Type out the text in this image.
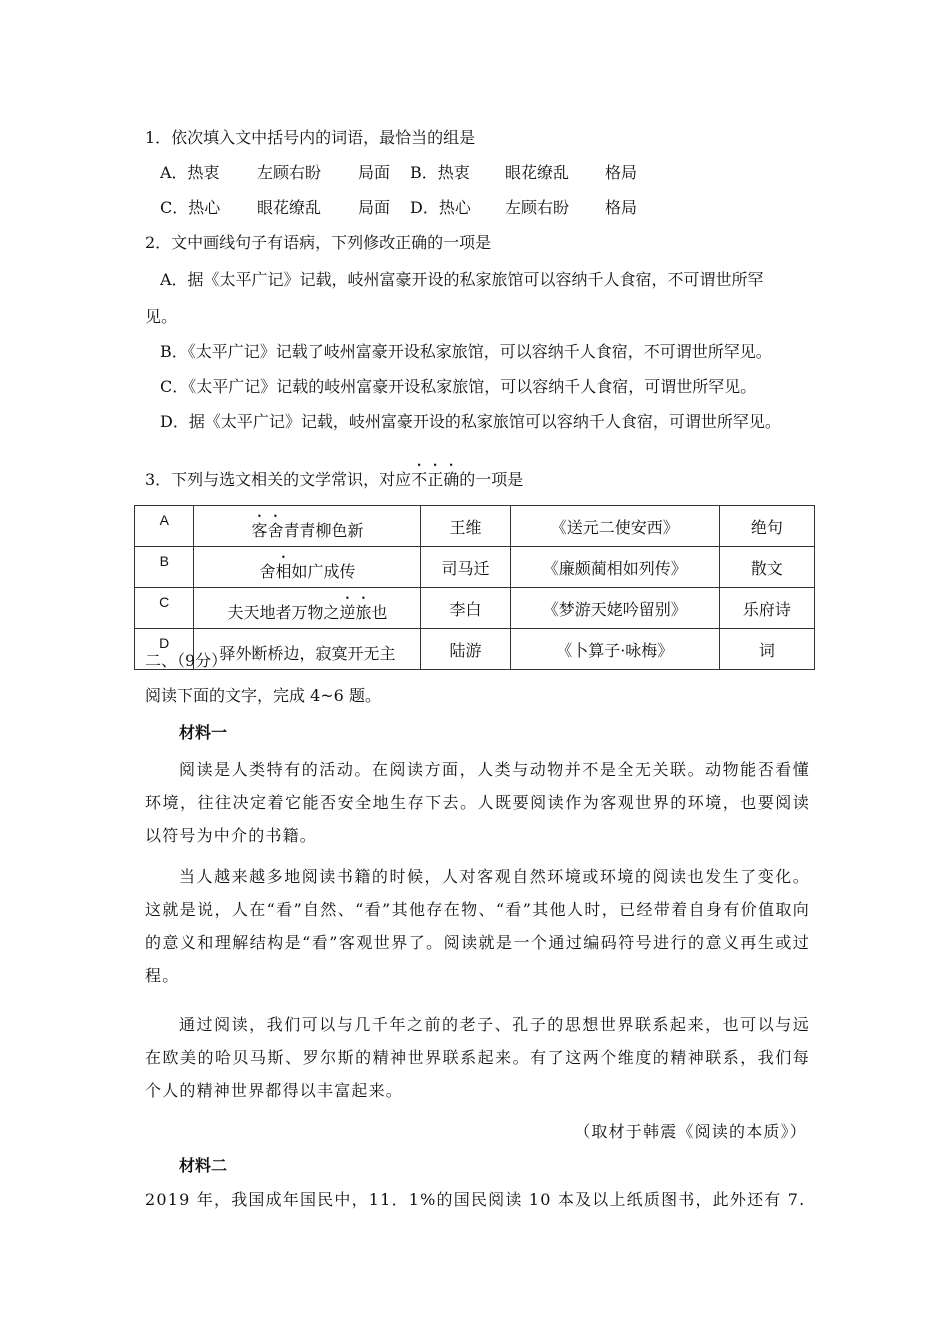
1．依次填入文中括号内的词语，最恰当的组是
A．热衷 左顾右盼 局面 B．热衷 眼花缭乱 格局
C．热心 眼花缭乱 局面 D．热心 左顾右盼 格局
2．文中画线句子有语病，下列修改正确的一项是
A．据《太平广记》记载，岐州富豪开设的私家旅馆可以容纳千人食宿，不可谓世所罕
见。
B．《太平广记》记载了岐州富豪开设私家旅馆，可以容纳千人食宿，不可谓世所罕见。
C．《太平广记》记载的岐州富豪开设私家旅馆，可以容纳千人食宿，可谓世所罕见。
D．据《太平广记》记载，岐州富豪开设的私家旅馆可以容纳千人食宿，可谓世所罕见。
3．下列与选文相关的文学常识，对应不正确的一项是
A	客舍青青柳色新	王维	《送元二使安西》	绝句
B	舍相如广成传	司马迁	《廉颇蔺相如列传》	散文
C	夫天地者万物之逆旅也	李白	《梦游天姥吟留别》	乐府诗
D	驿外断桥边，寂寞开无主	陆游	《卜算子·咏梅》	词
二、（9分）
阅读下面的文字，完成 4~6 题。
材料一
阅读是人类特有的活动。在阅读方面，人类与动物并不是全无关联。动物能否看懂环境，往往决定着它能否安全地生存下去。人既要阅读作为客观世界的环境，也要阅读以符号为中介的书籍。
当人越来越多地阅读书籍的时候，人对客观自然环境或环境的阅读也发生了变化。这就是说，人在“看”自然、“看”其他存在物、“看”其他人时，已经带着自身有价值取向的意义和理解结构是“看”客观世界了。阅读就是一个通过编码符号进行的意义再生或过程。
通过阅读，我们可以与几千年之前的老子、孔子的思想世界联系起来，也可以与远在欧美的哈贝马斯、罗尔斯的精神世界联系起来。有了这两个维度的精神联系，我们每个人的精神世界都得以丰富起来。
（取材于韩震《阅读的本质》）
材料二
2019 年，我国成年国民中，11．1%的国民阅读 10 本及以上纸质图书，此外还有 7.
